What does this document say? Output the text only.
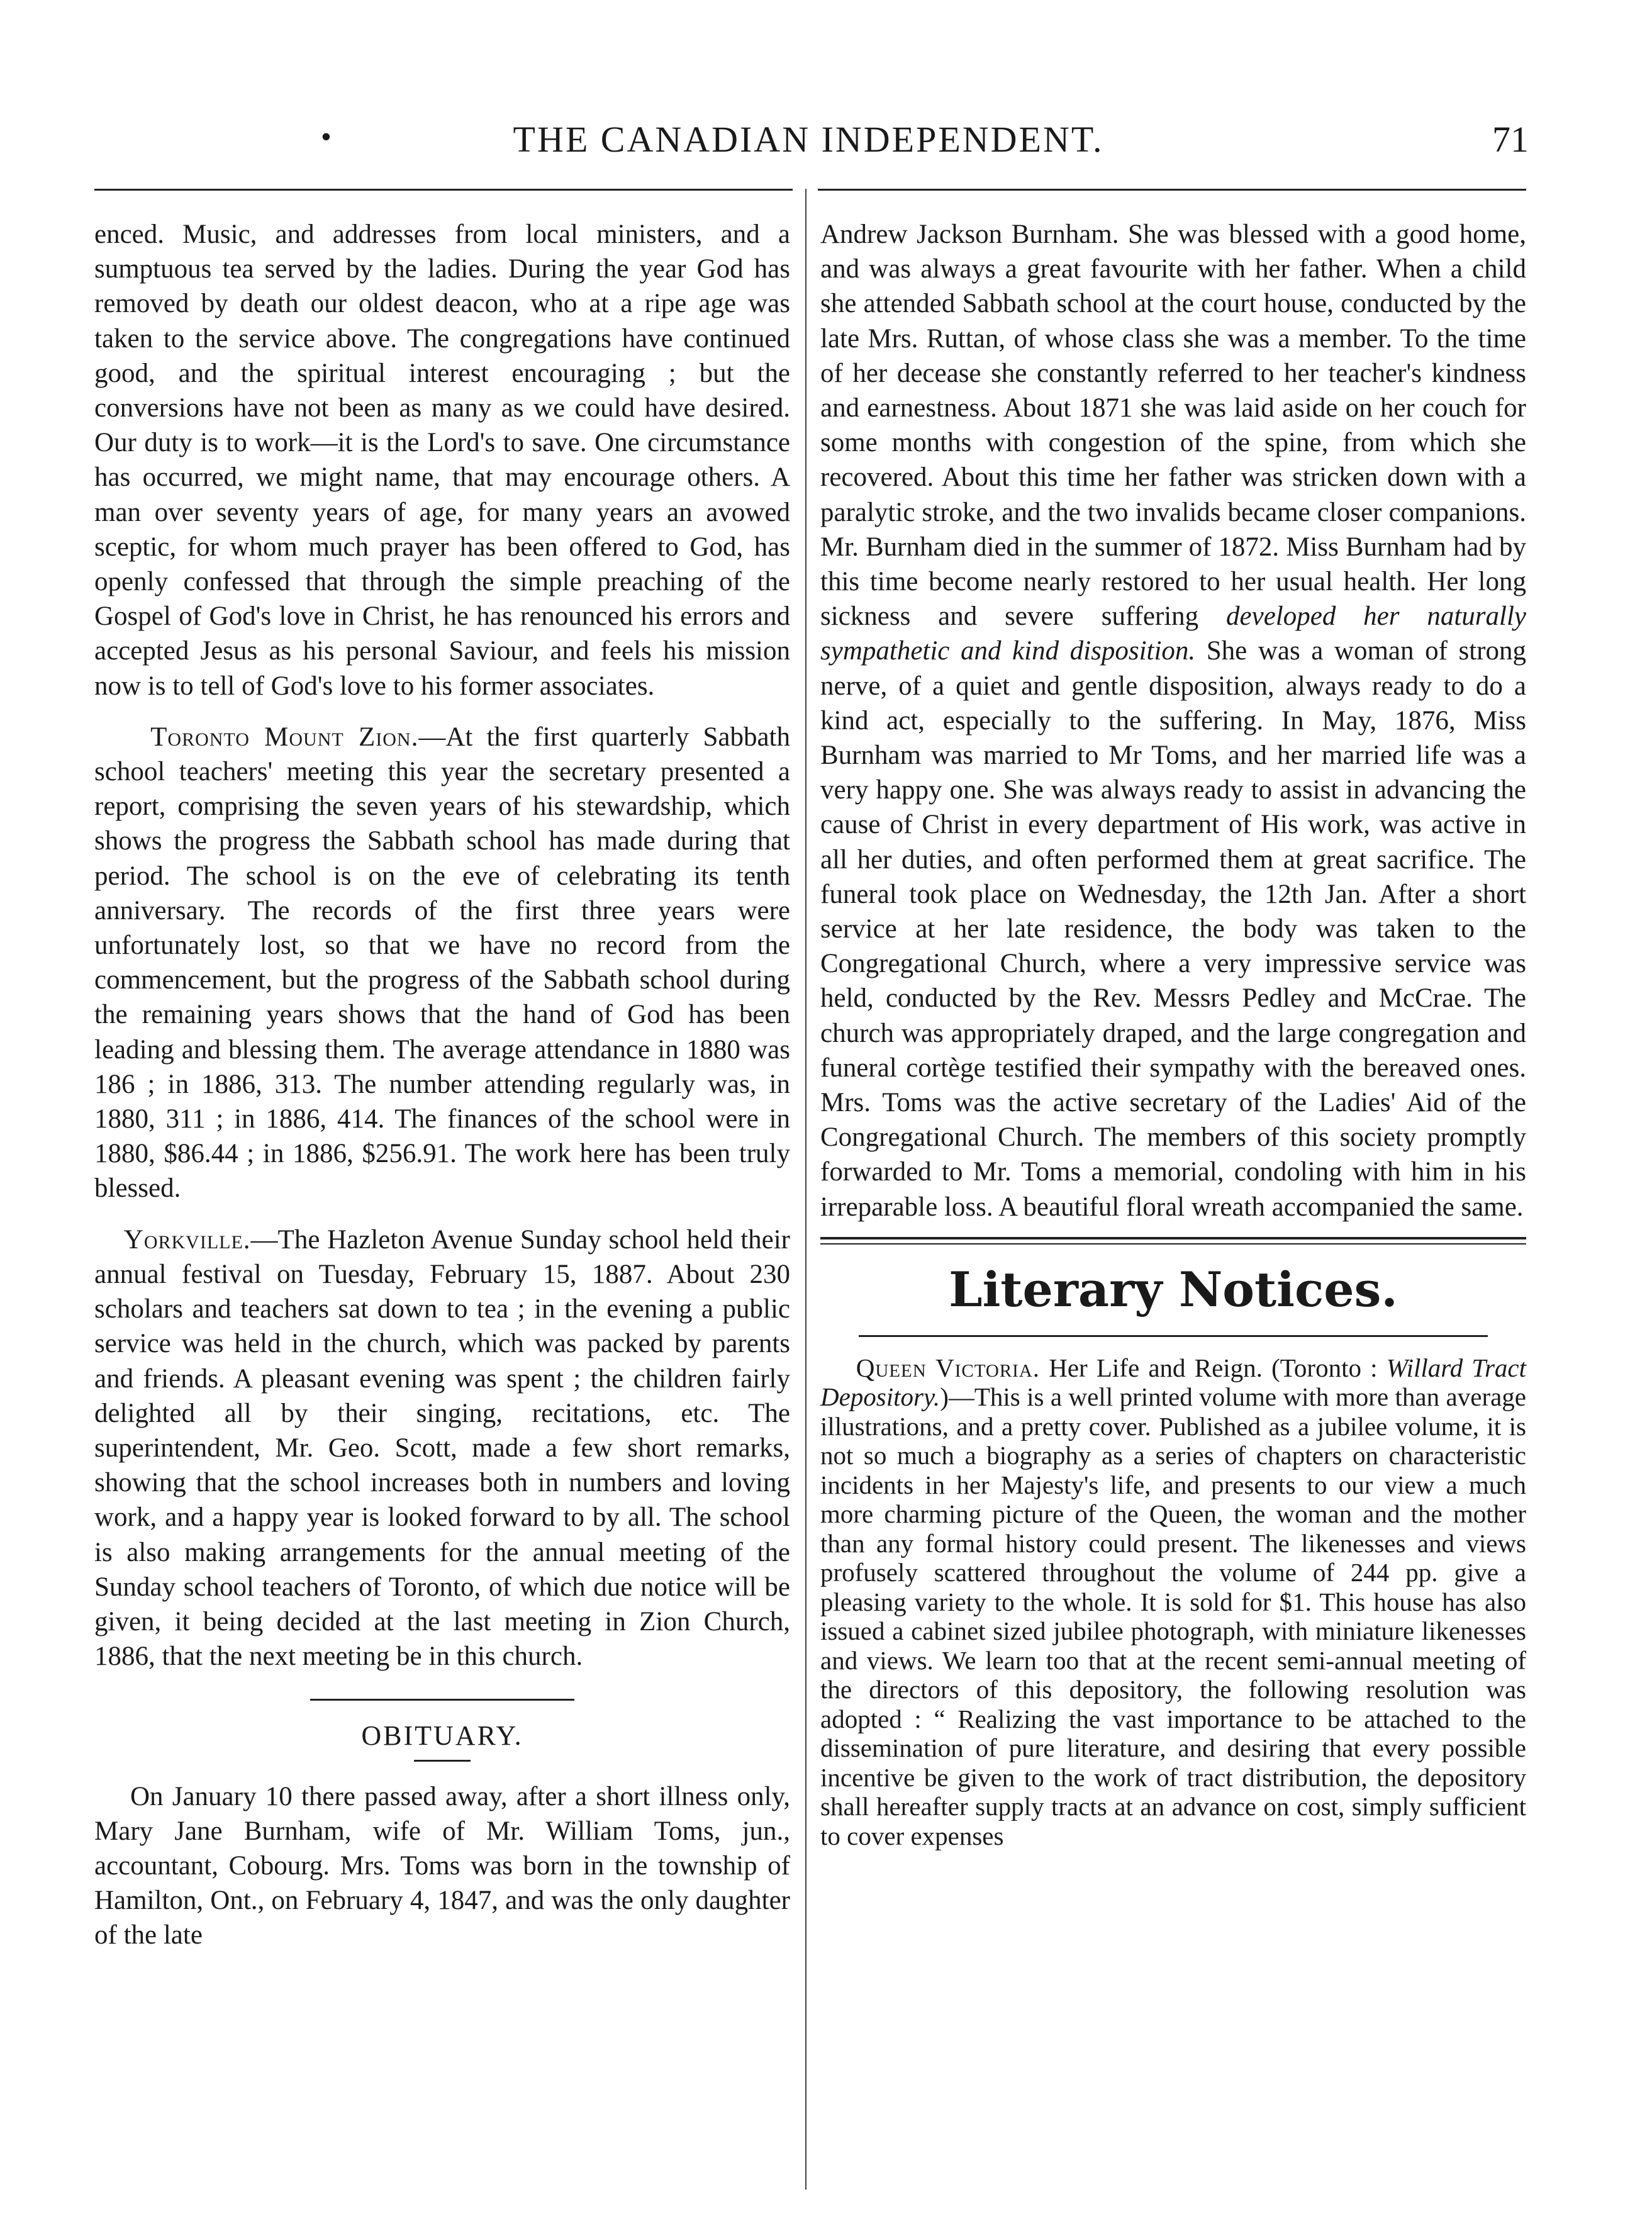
•	THE CANADIAN INDEPENDENT.	71

enced. Music, and addresses from local ministers, and a sumptuous tea served by the ladies. During the year God has removed by death our oldest deacon, who at a ripe age was taken to the service above. The congregations have continued good, and the spiritual interest encouraging ; but the conversions have not been as many as we could have desired. Our duty is to work—it is the Lord's to save. One circumstance has occurred, we might name, that may encourage others. A man over seventy years of age, for many years an avowed sceptic, for whom much prayer has been offered to God, has openly confessed that through the simple preaching of the Gospel of God's love in Christ, he has renounced his errors and accepted Jesus as his personal Saviour, and feels his mission now is to tell of God's love to his former associates.

Toronto Mount Zion.—At the first quarterly Sabbath school teachers' meeting this year the secretary presented a report, comprising the seven years of his stewardship, which shows the progress the Sabbath school has made during that period. The school is on the eve of celebrating its tenth anniversary. The records of the first three years were unfortunately lost, so that we have no record from the commencement, but the progress of the Sabbath school during the remaining years shows that the hand of God has been leading and blessing them. The average attendance in 1880 was 186 ; in 1886, 313. The number attending regularly was, in 1880, 311 ; in 1886, 414. The finances of the school were in 1880, $86.44 ; in 1886, $256.91. The work here has been truly blessed.

Yorkville.—The Hazleton Avenue Sunday school held their annual festival on Tuesday, February 15, 1887. About 230 scholars and teachers sat down to tea ; in the evening a public service was held in the church, which was packed by parents and friends. A pleasant evening was spent ; the children fairly delighted all by their singing, recitations, etc. The superintendent, Mr. Geo. Scott, made a few short remarks, showing that the school increases both in numbers and loving work, and a happy year is looked forward to by all. The school is also making arrangements for the annual meeting of the Sunday school teachers of Toronto, of which due notice will be given, it being decided at the last meeting in Zion Church, 1886, that the next meeting be in this church.

OBITUARY.

On January 10 there passed away, after a short illness only, Mary Jane Burnham, wife of Mr. William Toms, jun., accountant, Cobourg. Mrs. Toms was born in the township of Hamilton, Ont., on February 4, 1847, and was the only daughter of the late

Andrew Jackson Burnham. She was blessed with a good home, and was always a great favourite with her father. When a child she attended Sabbath school at the court house, conducted by the late Mrs. Ruttan, of whose class she was a member. To the time of her decease she constantly referred to her teacher's kindness and earnestness. About 1871 she was laid aside on her couch for some months with congestion of the spine, from which she recovered. About this time her father was stricken down with a paralytic stroke, and the two invalids became closer companions. Mr. Burnham died in the summer of 1872. Miss Burnham had by this time become nearly restored to her usual health. Her long sickness and severe suffering developed her naturally sympathetic and kind disposition. She was a woman of strong nerve, of a quiet and gentle disposition, always ready to do a kind act, especially to the suffering. In May, 1876, Miss Burnham was married to Mr Toms, and her married life was a very happy one. She was always ready to assist in advancing the cause of Christ in every department of His work, was active in all her duties, and often performed them at great sacrifice. The funeral took place on Wednesday, the 12th Jan. After a short service at her late residence, the body was taken to the Congregational Church, where a very impressive service was held, conducted by the Rev. Messrs Pedley and McCrae. The church was appropriately draped, and the large congregation and funeral cortège testified their sympathy with the bereaved ones. Mrs. Toms was the active secretary of the Ladies' Aid of the Congregational Church. The members of this society promptly forwarded to Mr. Toms a memorial, condoling with him in his irreparable loss. A beautiful floral wreath accompanied the same.

Literary Notices.

Queen Victoria. Her Life and Reign. (Toronto : Willard Tract Depository.)—This is a well printed volume with more than average illustrations, and a pretty cover. Published as a jubilee volume, it is not so much a biography as a series of chapters on characteristic incidents in her Majesty's life, and presents to our view a much more charming picture of the Queen, the woman and the mother than any formal history could present. The likenesses and views profusely scattered throughout the volume of 244 pp. give a pleasing variety to the whole. It is sold for $1. This house has also issued a cabinet sized jubilee photograph, with miniature likenesses and views. We learn too that at the recent semi-annual meeting of the directors of this depository, the following resolution was adopted : “ Realizing the vast importance to be attached to the dissemination of pure literature, and desiring that every possible incentive be given to the work of tract distribution, the depository shall hereafter supply tracts at an advance on cost, simply sufficient to cover expenses
